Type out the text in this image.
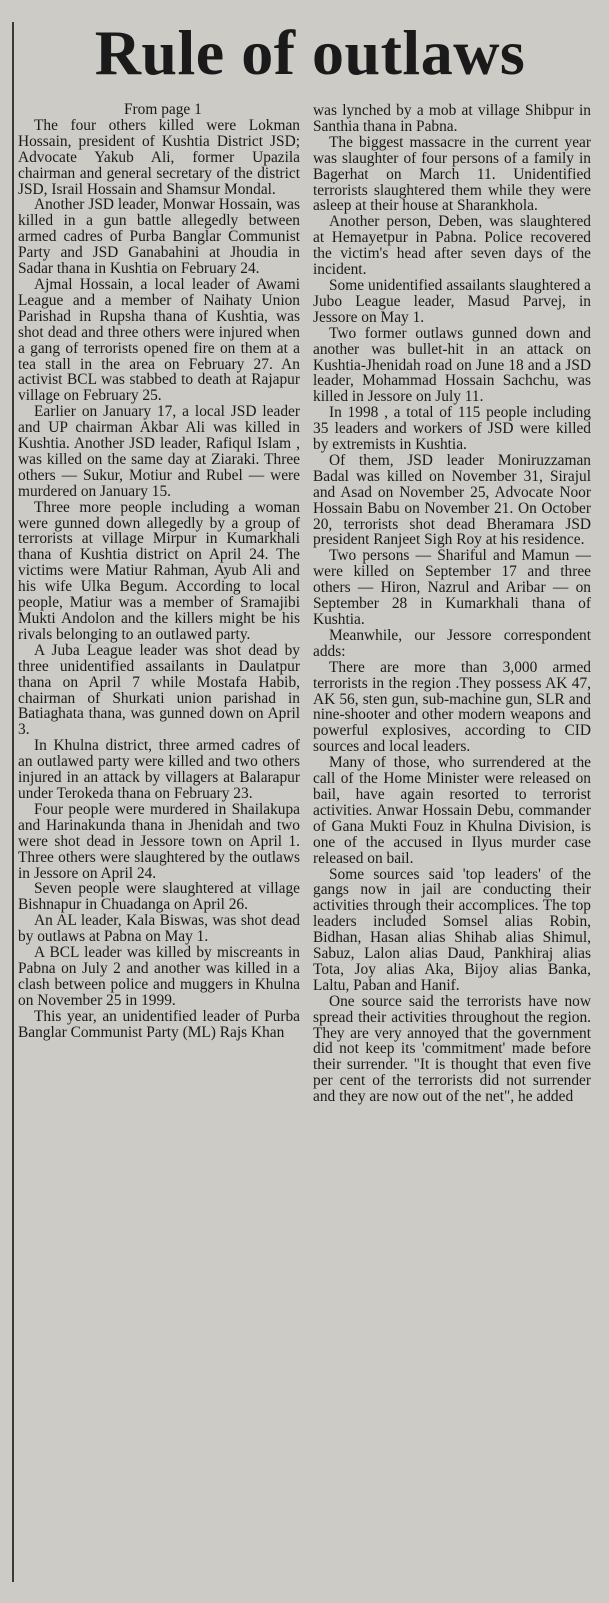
Rule of outlaws

From page 1

The four others killed were Lokman Hossain, president of Kushtia District JSD; Advocate Yakub Ali, former Upazila chairman and general secretary of the district JSD, Israil Hossain and Shamsur Mondal.

Another JSD leader, Monwar Hossain, was killed in a gun battle allegedly between armed cadres of Purba Banglar Communist Party and JSD Ganabahini at Jhoudia in Sadar thana in Kushtia on February 24.

Ajmal Hossain, a local leader of Awami League and a member of Naihaty Union Parishad in Rupsha thana of Kushtia, was shot dead and three others were injured when a gang of terrorists opened fire on them at a tea stall in the area on February 27. An activist BCL was stabbed to death at Rajapur village on February 25.

Earlier on January 17, a local JSD leader and UP chairman Akbar Ali was killed in Kushtia. Another JSD leader, Rafiqul Islam , was killed on the same day at Ziaraki. Three others — Sukur, Motiur and Rubel — were murdered on January 15.

Three more people including a woman were gunned down allegedly by a group of terrorists at village Mirpur in Kumarkhali thana of Kushtia district on April 24. The victims were Matiur Rahman, Ayub Ali and his wife Ulka Begum. According to local people, Matiur was a member of Sramajibi Mukti Andolon and the killers might be his rivals belonging to an outlawed party.

A Juba League leader was shot dead by three unidentified assailants in Daulatpur thana on April 7 while Mostafa Habib, chairman of Shurkati union parishad in Batiaghata thana, was gunned down on April 3.

In Khulna district, three armed cadres of an outlawed party were killed and two others injured in an attack by villagers at Balarapur under Terokeda thana on February 23.

Four people were murdered in Shailakupa and Harinakunda thana in Jhenidah and two were shot dead in Jessore town on April 1. Three others were slaughtered by the outlaws in Jessore on April 24.

Seven people were slaughtered at village Bishnapur in Chuadanga on April 26.

An AL leader, Kala Biswas, was shot dead by outlaws at Pabna on May 1.

A BCL leader was killed by miscreants in Pabna on July 2 and another was killed in a clash between police and muggers in Khulna on November 25 in 1999.

This year, an unidentified leader of Purba Banglar Communist Party (ML) Rajs Khan

was lynched by a mob at village Shibpur in Santhia thana in Pabna.

The biggest massacre in the current year was slaughter of four persons of a family in Bagerhat on March 11. Unidentified terrorists slaughtered them while they were asleep at their house at Sharankhola.

Another person, Deben, was slaughtered at Hemayetpur in Pabna. Police recovered the victim's head after seven days of the incident.

Some unidentified assailants slaughtered a Jubo League leader, Masud Parvej, in Jessore on May 1.

Two former outlaws gunned down and another was bullet-hit in an attack on Kushtia-Jhenidah road on June 18 and a JSD leader, Mohammad Hossain Sachchu, was killed in Jessore on July 11.

In 1998 , a total of 115 people including 35 leaders and workers of JSD were killed by extremists in Kushtia.

Of them, JSD leader Moniruzzaman Badal was killed on November 31, Sirajul and Asad on November 25, Advocate Noor Hossain Babu on November 21. On October 20, terrorists shot dead Bheramara JSD president Ranjeet Sigh Roy at his residence.

Two persons — Shariful and Mamun — were killed on September 17 and three others — Hiron, Nazrul and Aribar — on September 28 in Kumarkhali thana of Kushtia.

Meanwhile, our Jessore correspondent adds:

There are more than 3,000 armed terrorists in the region .They possess AK 47, AK 56, sten gun, sub-machine gun, SLR and nine-shooter and other modern weapons and powerful explosives, according to CID sources and local leaders.

Many of those, who surrendered at the call of the Home Minister were released on bail, have again resorted to terrorist activities. Anwar Hossain Debu, commander of Gana Mukti Fouz in Khulna Division, is one of the accused in Ilyus murder case released on bail.

Some sources said 'top leaders' of the gangs now in jail are conducting their activities through their accomplices. The top leaders included Somsel alias Robin, Bidhan, Hasan alias Shihab alias Shimul, Sabuz, Lalon alias Daud, Pankhiraj alias Tota, Joy alias Aka, Bijoy alias Banka, Laltu, Paban and Hanif.

One source said the terrorists have now spread their activities throughout the region. They are very annoyed that the government did not keep its 'commitment' made before their surrender. "It is thought that even five per cent of the terrorists did not surrender and they are now out of the net", he added
